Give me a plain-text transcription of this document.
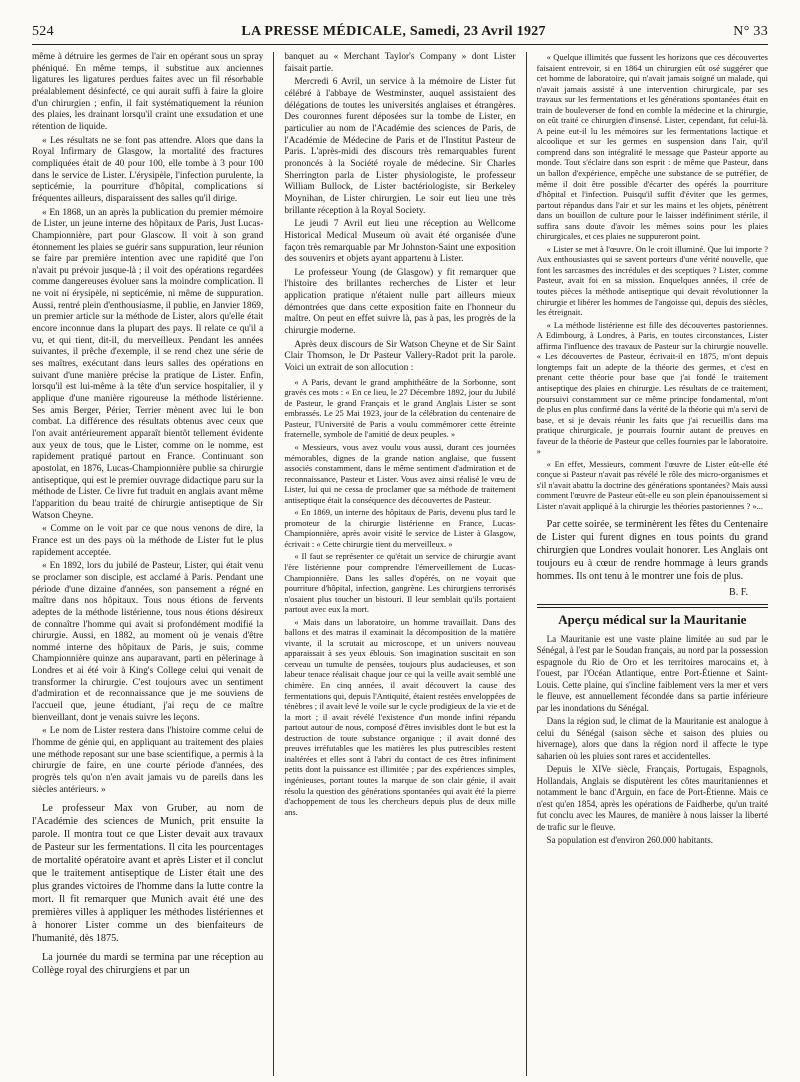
524	LA PRESSE MÉDICALE, Samedi, 23 Avril 1927	N° 33

même à détruire les germes de l'air en opérant sous un spray phéniqué. En même temps, il substitue aux anciennes ligatures les ligatures perdues faites avec un fil résorbable préalablement désinfecté, ce qui aurait suffi à faire la gloire d'un chirurgien ; enfin, il fait systématiquement la réunion des plaies, les drainant lorsqu'il craint une exsudation et une rétention de liquide.

« Les résultats ne se font pas attendre. Alors que dans la Royal Infirmary de Glasgow, la mortalité des fractures compliquées était de 40 pour 100, elle tombe à 3 pour 100 dans le service de Lister. L'érysipèle, l'infection purulente, la septicémie, la pourriture d'hôpital, complications si fréquentes ailleurs, disparaissent des salles qu'il dirige.

« En 1868, un an après la publication du premier mémoire de Lister, un jeune interne des hôpitaux de Paris, Just Lucas-Championnière, part pour Glascow. Il voit à son grand étonnement les plaies se guérir sans suppuration, leur réunion se faire par première intention avec une rapidité que l'on n'avait pu prévoir jusque-là ; il voit des opérations regardées comme dangereuses évoluer sans la moindre complication. Il ne voit ni érysipèle, ni septicémie, ni même de suppuration. Aussi, rentré plein d'enthousiasme, il publie, en Janvier 1869, un premier article sur la méthode de Lister, alors qu'elle était encore inconnue dans la plupart des pays. Il relate ce qu'il a vu, et qui tient, dit-il, du merveilleux. Pendant les années suivantes, il prêche d'exemple, il se rend chez une série de ses maîtres, exécutant dans leurs salles des opérations en suivant d'une manière précise la pratique de Lister. Enfin, lorsqu'il est lui-même à la tête d'un service hospitalier, il y applique d'une manière rigoureuse la méthode listérienne. Ses amis Berger, Périer, Terrier mènent avec lui le bon combat. La différence des résultats obtenus avec ceux que l'on avait antérieurement apparaît bientôt tellement évidente aux yeux de tous, que le Lister, comme on le nomme, est rapidement pratiqué partout en France. Continuant son apostolat, en 1876, Lucas-Championnière publie sa chirurgie antiseptique, qui est le premier ouvrage didactique paru sur la méthode de Lister. Ce livre fut traduit en anglais avant même l'apparition du beau traité de chirurgie antiseptique de Sir Watson Cheyne.

« Comme on le voit par ce que nous venons de dire, la France est un des pays où la méthode de Lister fut le plus rapidement acceptée.

« En 1892, lors du jubilé de Pasteur, Lister, qui était venu se proclamer son disciple, est acclamé à Paris. Pendant une période d'une dizaine d'années, son pansement a régné en maître dans nos hôpitaux. Tous nous étions de fervents adeptes de la méthode listérienne, tous nous étions désireux de connaître l'homme qui avait si profondément modifié la chirurgie. Aussi, en 1882, au moment où je venais d'être nommé interne des hôpitaux de Paris, je suis, comme Championnière quinze ans auparavant, parti en pèlerinage à Londres et ai été voir à King's College celui qui venait de transformer la chirurgie. C'est toujours avec un sentiment d'admiration et de reconnaissance que je me souviens de l'accueil que, jeune étudiant, j'ai reçu de ce maître bienveillant, dont je venais suivre les leçons.

« Le nom de Lister restera dans l'histoire comme celui de l'homme de génie qui, en appliquant au traitement des plaies une méthode reposant sur une base scientifique, a permis à la chirurgie de faire, en une courte période d'années, des progrès tels qu'on n'en avait jamais vu de pareils dans les siècles antérieurs. »

Le professeur Max von Gruber, au nom de l'Académie des sciences de Munich, prit ensuite la parole. Il montra tout ce que Lister devait aux travaux de Pasteur sur les fermentations. Il cita les pourcentages de mortalité opératoire avant et après Lister et il conclut que le traitement antiseptique de Lister était une des plus grandes victoires de l'homme dans la lutte contre la mort. Il fit remarquer que Munich avait été une des premières villes à appliquer les méthodes listériennes et à honorer Lister comme un des bienfaiteurs de l'humanité, dès 1875.

La journée du mardi se termina par une réception au Collège royal des chirurgiens et par un

banquet au « Merchant Taylor's Company » dont Lister faisait partie.

Mercredi 6 Avril, un service à la mémoire de Lister fut célébré à l'abbaye de Westminster, auquel assistaient des délégations de toutes les universités anglaises et étrangères. Des couronnes furent déposées sur la tombe de Lister, en particulier au nom de l'Académie des sciences de Paris, de l'Académie de Médecine de Paris et de l'Institut Pasteur de Paris. L'après-midi des discours très remarquables furent prononcés à la Société royale de médecine. Sir Charles Sherrington parla de Lister physiologiste, le professeur William Bullock, de Lister bactériologiste, sir Berkeley Moynihan, de Lister chirurgien. Le soir eut lieu une très brillante réception à la Royal Society.

Le jeudi 7 Avril eut lieu une réception au Wellcome Historical Medical Museum où avait été organisée d'une façon très remarquable par Mr Johnston-Saint une exposition des souvenirs et objets ayant appartenu à Lister.

Le professeur Young (de Glasgow) y fit remarquer que l'histoire des brillantes recherches de Lister et leur application pratique n'étaient nulle part ailleurs mieux démontrées que dans cette exposition faite en l'honneur du maître. On peut en effet suivre là, pas à pas, les progrès de la chirurgie moderne.

Après deux discours de Sir Watson Cheyne et de Sir Saint Clair Thomson, le Dr Pasteur Vallery-Radot prit la parole. Voici un extrait de son allocution :

« A Paris, devant le grand amphithéâtre de la Sorbonne, sont gravés ces mots : « En ce lieu, le 27 Décembre 1892, jour du Jubilé de Pasteur, le grand Français et le grand Anglais Lister se sont embrassés. Le 25 Mai 1923, jour de la célébration du centenaire de Pasteur, l'Université de Paris a voulu commémorer cette étreinte fraternelle, symbole de l'amitié de deux peuples. »

« Messieurs, vous avez voulu vous aussi, durant ces journées mémorables, dignes de la grande nation anglaise, que fussent associés constamment, dans le même sentiment d'admiration et de reconnaissance, Pasteur et Lister. Vous avez ainsi réalisé le vœu de Lister, lui qui ne cessa de proclamer que sa méthode de traitement antiseptique était la conséquence des découvertes de Pasteur.

« En 1869, un interne des hôpitaux de Paris, devenu plus tard le promoteur de la chirurgie listérienne en France, Lucas-Championnière, après avoir visité le service de Lister à Glasgow, écrivait : « Cette chirurgie tient du merveilleux. »

« Il faut se représenter ce qu'était un service de chirurgie avant l'ère listérienne pour comprendre l'émerveillement de Lucas-Championnière. Dans les salles d'opérés, on ne voyait que pourriture d'hôpital, infection, gangrène. Les chirurgiens terrorisés n'osaient plus toucher un bistouri. Il leur semblait qu'ils portaient partout avec eux la mort.

« Mais dans un laboratoire, un homme travaillait. Dans des ballons et des matras il examinait la décomposition de la matière vivante, il la scrutait au microscope, et un univers nouveau apparaissait à ses yeux éblouis. Son imagination suscitait en son cerveau un tumulte de pensées, toujours plus audacieuses, et son labeur tenace réalisait chaque jour ce qui la veille avait semblé une chimère. En cinq années, il avait découvert la cause des fermentations qui, depuis l'Antiquité, étaient restées enveloppées de ténèbres ; il avait levé le voile sur le cycle prodigieux de la vie et de la mort ; il avait révélé l'existence d'un monde infini répandu partout autour de nous, composé d'êtres invisibles dont le but est la destruction de toute substance organique ; il avait donné des preuves irréfutables que les matières les plus putrescibles restent inaltérées et elles sont à l'abri du contact de ces êtres infiniment petits dont la puissance est illimitée ; par des expériences simples, ingénieuses, portant toutes la marque de son clair génie, il avait résolu la question des générations spontanées qui avait été la pierre d'achoppement de tous les chercheurs depuis plus de deux mille ans.

« Quelque illimités que fussent les horizons que ces découvertes faisaient entrevoir, si en 1864 un chirurgien eût osé suggérer que cet homme de laboratoire, qui n'avait jamais soigné un malade, qui n'avait jamais assisté à une intervention chirurgicale, par ses travaux sur les fermentations et les générations spontanées était en train de bouleverser de fond en comble la médecine et la chirurgie, on eût traité ce chirurgien d'insensé. Lister, cependant, fut celui-là. A peine eut-il lu les mémoires sur les fermentations lactique et alcoolique et sur les germes en suspension dans l'air, qu'il comprend dans son intégralité le message que Pasteur apporte au monde. Tout s'éclaire dans son esprit : de même que Pasteur, dans un ballon d'expérience, empêche une substance de se putréfier, de même il doit être possible d'écarter des opérés la pourriture d'hôpital et l'infection. Puisqu'il suffit d'éviter que les germes, partout répandus dans l'air et sur les mains et les objets, pénètrent dans un bouillon de culture pour le laisser indéfiniment stérile, il suffira sans doute d'avoir les mêmes soins pour les plaies chirurgicales, et ces plaies ne suppureront point.

« Lister se met à l'œuvre. On le croit illuminé. Que lui importe ? Aux enthousiastes qui se savent porteurs d'une vérité nouvelle, que font les sarcasmes des incrédules et des sceptiques ? Lister, comme Pasteur, avait foi en sa mission. Enquelques années, il crée de toutes pièces la méthode antiseptique qui devait révolutionner la chirurgie et libérer les hommes de l'angoisse qui, depuis des siècles, les étreignait.

« La méthode listérienne est fille des découvertes pastoriennes. A Edimbourg, à Londres, à Paris, en toutes circonstances, Lister affirma l'influence des travaux de Pasteur sur la chirurgie nouvelle. « Les découvertes de Pasteur, écrivait-il en 1875, m'ont depuis longtemps fait un adepte de la théorie des germes, et c'est en prenant cette théorie pour base que j'ai fondé le traitement antiseptique des plaies en chirurgie. Les résultats de ce traitement, poursuivi constamment sur ce même principe fondamental, m'ont de plus en plus confirmé dans la vérité de la théorie qui m'a servi de base, et si je devais réunir les faits que j'ai recueillis dans ma pratique chirurgicale, je pourrais fournir autant de preuves en faveur de la théorie de Pasteur que celles fournies par le laboratoire. »

« En effet, Messieurs, comment l'œuvre de Lister eût-elle été conçue si Pasteur n'avait pas révélé le rôle des micro-organismes et s'il n'avait abattu la doctrine des générations spontanées? Mais aussi comment l'œuvre de Pasteur eût-elle eu son plein épanouissement si Lister n'avait appliqué à la chirurgie les théories pastoriennes ? »...

Par cette soirée, se terminèrent les fêtes du Centenaire de Lister qui furent dignes en tous points du grand chirurgien que Londres voulait honorer. Les Anglais ont toujours eu à cœur de rendre hommage à leurs grands hommes. Ils ont tenu à le montrer une fois de plus.

B. F.
Aperçu médical sur la Mauritanie

La Mauritanie est une vaste plaine limitée au sud par le Sénégal, à l'est par le Soudan français, au nord par la possession espagnole du Rio de Oro et les territoires marocains et, à l'ouest, par l'Océan Atlantique, entre Port-Étienne et Saint-Louis. Cette plaine, qui s'incline faiblement vers la mer et vers le fleuve, est annuellement fécondée dans sa partie inférieure par les inondations du Sénégal.

Dans la région sud, le climat de la Mauritanie est analogue à celui du Sénégal (saison sèche et saison des pluies ou hivernage), alors que dans la région nord il affecte le type saharien où les pluies sont rares et accidentelles.

Depuis le XIVe siècle, Français, Portugais, Espagnols, Hollandais, Anglais se disputèrent les côtes mauritaniennes et notamment le banc d'Arguin, en face de Port-Étienne. Mais ce n'est qu'en 1854, après les opérations de Faidherbe, qu'un traité fut conclu avec les Maures, de manière à nous laisser la liberté de trafic sur le fleuve.

Sa population est d'environ 260.000 habitants.
